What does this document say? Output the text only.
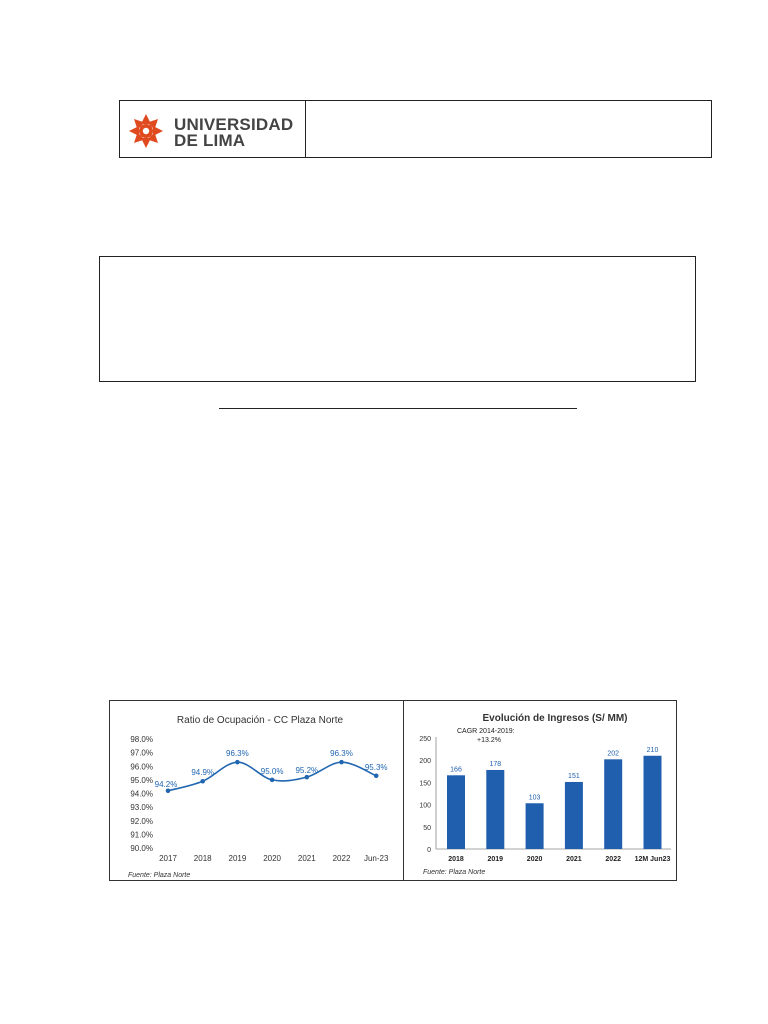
UNIVERSIDAD
DE LIMA
Ratio de Ocupación - CC Plaza Norte
90.0%
91.0%
92.0%
93.0%
94.0%
95.0%
96.0%
97.0%
98.0%
2017 2018 2019 2020 2021 2022 Jun-23
94.2%
94.9%
96.3%
95.0% 95.2%
96.3%
95.3%
Fuente: Plaza Norte
Evolución de Ingresos (S/ MM)
CAGR 2014-2019:
+13.2%
0
50
100
150
200
250
166
178
103
151
202
210
2018	2019	2020	2021	2022 12M Jun23
Fuente: Plaza Norte
